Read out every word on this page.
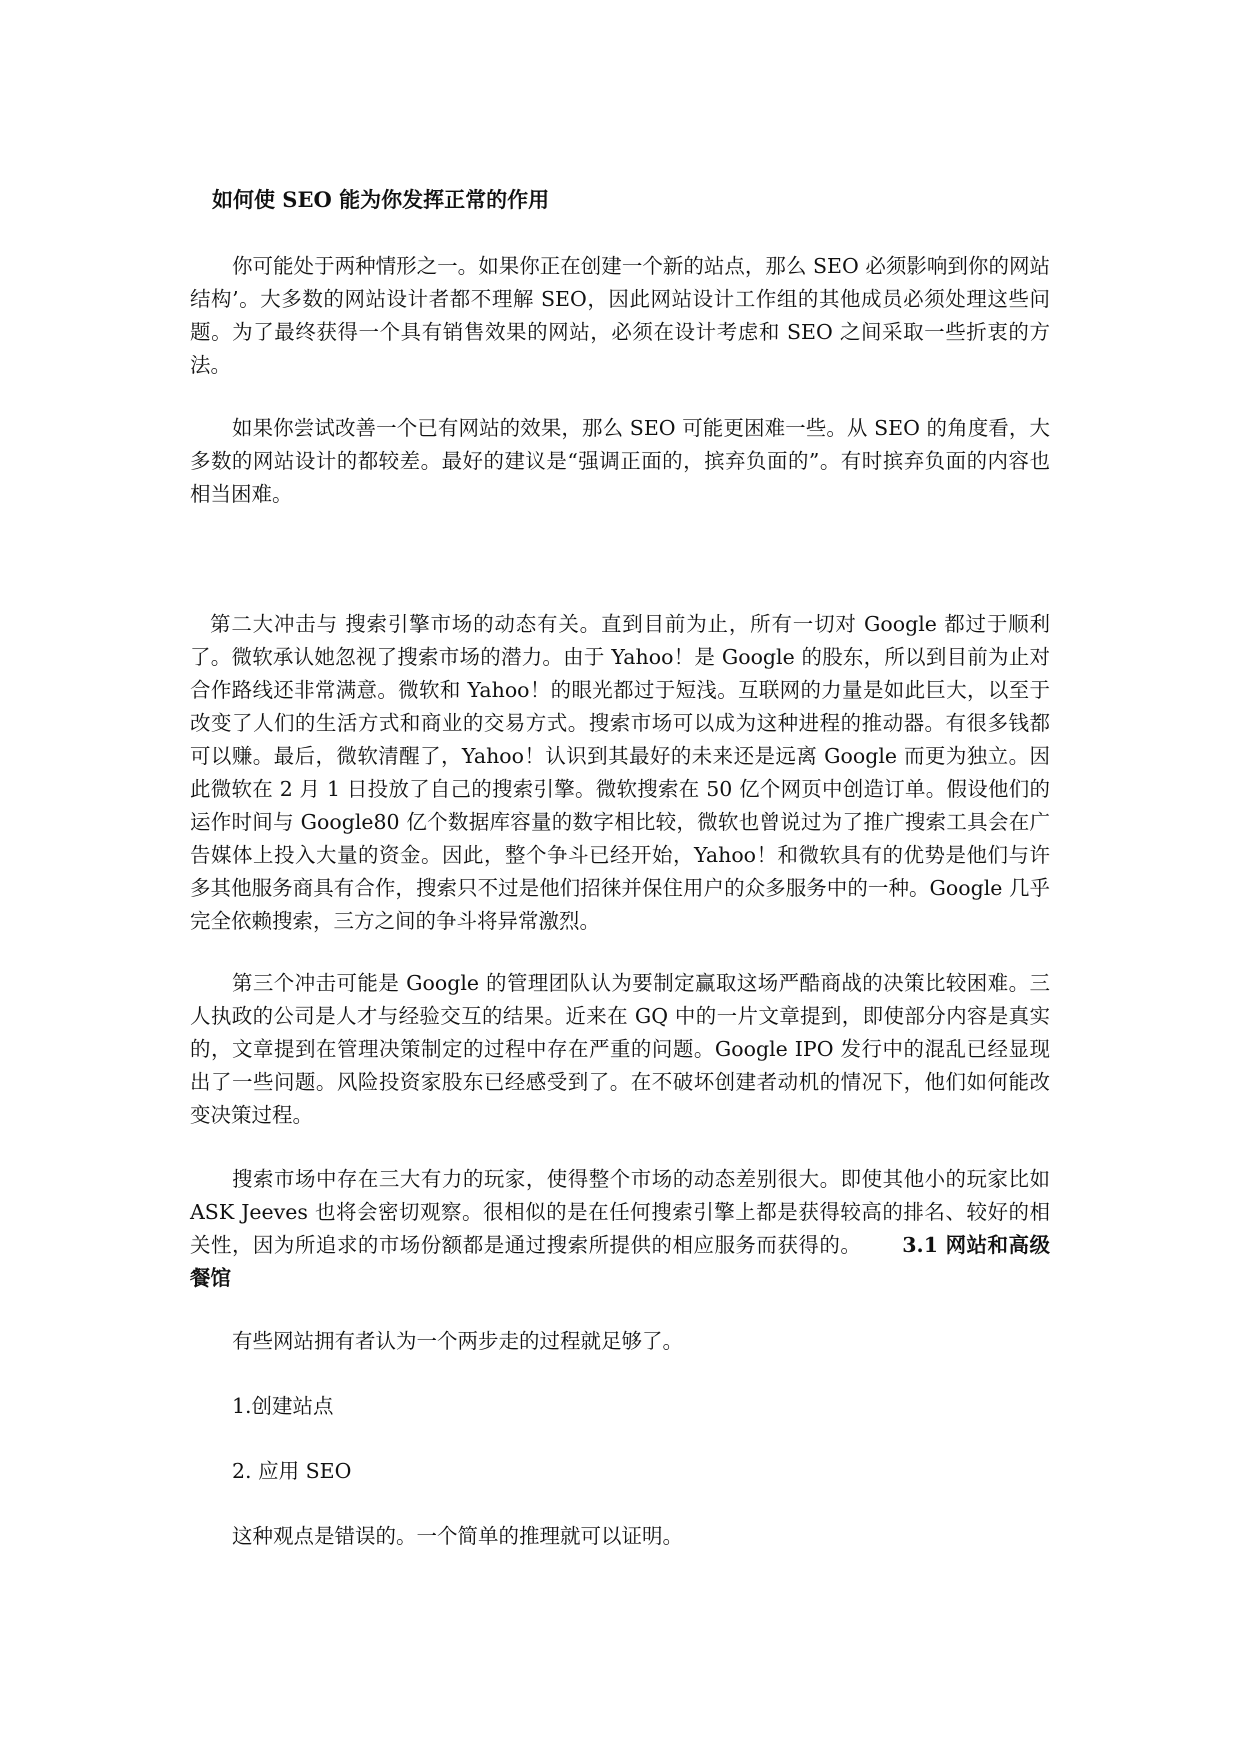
如何使 SEO 能为你发挥正常的作用

你可能处于两种情形之一。如果你正在创建一个新的站点，那么 SEO 必须影响到你的网站结构’。大多数的网站设计者都不理解 SEO，因此网站设计工作组的其他成员必须处理这些问题。为了最终获得一个具有销售效果的网站，必须在设计考虑和 SEO 之间采取一些折衷的方法。

如果你尝试改善一个已有网站的效果，那么 SEO 可能更困难一些。从 SEO 的角度看，大多数的网站设计的都较差。最好的建议是“强调正面的，摈弃负面的”。有时摈弃负面的内容也相当困难。

第二大冲击与 搜索引擎市场的动态有关。直到目前为止，所有一切对 Google 都过于顺利了。微软承认她忽视了搜索市场的潜力。由于 Yahoo！是 Google 的股东，所以到目前为止对合作路线还非常满意。微软和 Yahoo！的眼光都过于短浅。互联网的力量是如此巨大，以至于改变了人们的生活方式和商业的交易方式。搜索市场可以成为这种进程的推动器。有很多钱都可以赚。最后，微软清醒了，Yahoo！认识到其最好的未来还是远离 Google 而更为独立。因此微软在 2 月 1 日投放了自己的搜索引擎。微软搜索在 50 亿个网页中创造订单。假设他们的运作时间与 Google80 亿个数据库容量的数字相比较，微软也曾说过为了推广搜索工具会在广告媒体上投入大量的资金。因此，整个争斗已经开始，Yahoo！和微软具有的优势是他们与许多其他服务商具有合作，搜索只不过是他们招徕并保住用户的众多服务中的一种。Google 几乎完全依赖搜索，三方之间的争斗将异常激烈。

第三个冲击可能是 Google 的管理团队认为要制定赢取这场严酷商战的决策比较困难。三人执政的公司是人才与经验交互的结果。近来在 GQ 中的一片文章提到，即使部分内容是真实的，文章提到在管理决策制定的过程中存在严重的问题。Google IPO 发行中的混乱已经显现出了一些问题。风险投资家股东已经感受到了。在不破坏创建者动机的情况下，他们如何能改变决策过程。

搜索市场中存在三大有力的玩家，使得整个市场的动态差别很大。即使其他小的玩家比如 ASK Jeeves 也将会密切观察。很相似的是在任何搜索引擎上都是获得较高的排名、较好的相关性，因为所追求的市场份额都是通过搜索所提供的相应服务而获得的。   3.1 网站和高级餐馆

有些网站拥有者认为一个两步走的过程就足够了。

1.创建站点

2. 应用 SEO

这种观点是错误的。一个简单的推理就可以证明。
